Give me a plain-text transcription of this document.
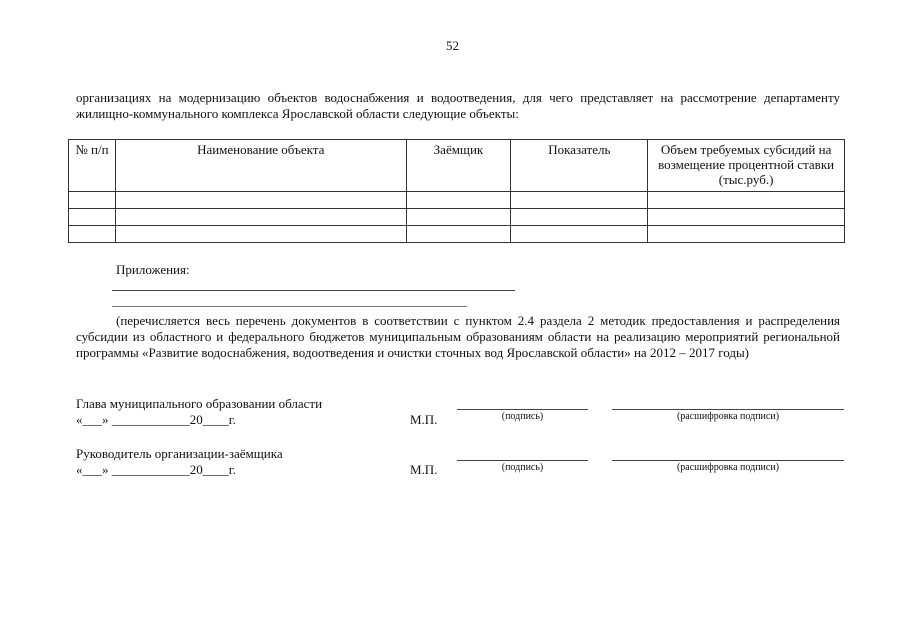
52
организациях на модернизацию объектов водоснабжения и водоотведения, для чего представляет на рассмотрение департаменту жилищно-коммунального комплекса Ярославской области следующие объекты:
№ п/п	Наименование объекта	Заёмщик	Показатель	Объем требуемых субсидий на возмещение процентной ставки (тыс.руб.)

Приложения:
(перечисляется весь перечень документов в соответствии с пунктом 2.4 раздела 2 методик предоставления и распределения субсидии из областного и федерального бюджетов муниципальным образованиям области на реализацию мероприятий региональной программы «Развитие водоснабжения, водоотведения и очистки сточных вод Ярославской области» на 2012 – 2017 годы)
Глава муниципального образовании области
«___» ____________20____г.	М.П.	(подпись)	(расшифровка подписи)
Руководитель организации-заёмщика
«___» ____________20____г.	М.П.	(подпись)	(расшифровка подписи)
